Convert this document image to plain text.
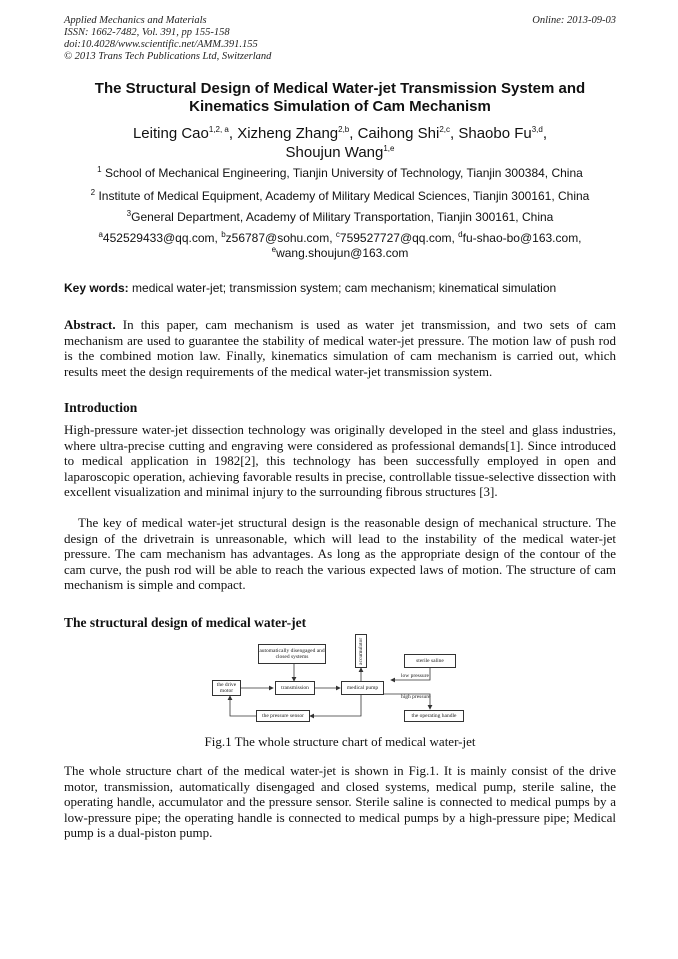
Applied Mechanics and Materials
ISSN: 1662-7482, Vol. 391, pp 155-158
doi:10.4028/www.scientific.net/AMM.391.155
© 2013 Trans Tech Publications Ltd, Switzerland
Online: 2013-09-03
The Structural Design of Medical Water-jet Transmission System and Kinematics Simulation of Cam Mechanism
Leiting Cao$^{1,2, a}$, Xizheng Zhang$^{2,b}$, Caihong Shi$^{2,c}$, Shaobo Fu$^{3,d}$,
Shoujun Wang$^{1,e}$
$^1$ School of Mechanical Engineering, Tianjin University of Technology, Tianjin 300384, China
$^2$ Institute of Medical Equipment, Academy of Military Medical Sciences, Tianjin 300161, China
$^3$General Department, Academy of Military Transportation, Tianjin 300161, China
$^a$452529433@qq.com, $^b$z56787@sohu.com, $^c$759527727@qq.com, $^d$fu-shao-bo@163.com,
$^e$wang.shoujun@163.com
Key words: medical water-jet; transmission system; cam mechanism; kinematical simulation
Abstract. In this paper, cam mechanism is used as water jet transmission, and two sets of cam mechanism are used to guarantee the stability of medical water-jet pressure. The motion law of push rod is the combined motion law. Finally, kinematics simulation of cam mechanism is carried out, which results meet the design requirements of the medical water-jet transmission system.
Introduction
High-pressure water-jet dissection technology was originally developed in the steel and glass industries, where ultra-precise cutting and engraving were considered as professional demands[1]. Since introduced to medical application in 1982[2], this technology has been successfully employed in open and laparoscopic operation, achieving favorable results in precise, controllable tissue-selective dissection with excellent visualization and minimal injury to the surrounding fibrous structures [3].
The key of medical water-jet structural design is the reasonable design of mechanical structure. The design of the drivetrain is unreasonable, which will lead to the instability of the medical water-jet pressure. The cam mechanism has advantages. As long as the appropriate design of the contour of the cam curve, the push rod will be able to reach the various expected laws of motion. The structure of cam mechanism is simple and compact.
The structural design of medical water-jet
automatically disengaged and closed systems	accumulator	sterile saline
the drive motor	transmission	medical pump
low pressure
high pressure
the pressure sensor	the operating handle
Fig.1 The whole structure chart of medical water-jet
The whole structure chart of the medical water-jet is shown in Fig.1. It is mainly consist of the drive motor, transmission, automatically disengaged and closed systems, medical pump, sterile saline, the operating handle, accumulator and the pressure sensor. Sterile saline is connected to medical pumps by a low-pressure pipe; the operating handle is connected to medical pumps by a high-pressure pipe; Medical pump is a dual-piston pump.
